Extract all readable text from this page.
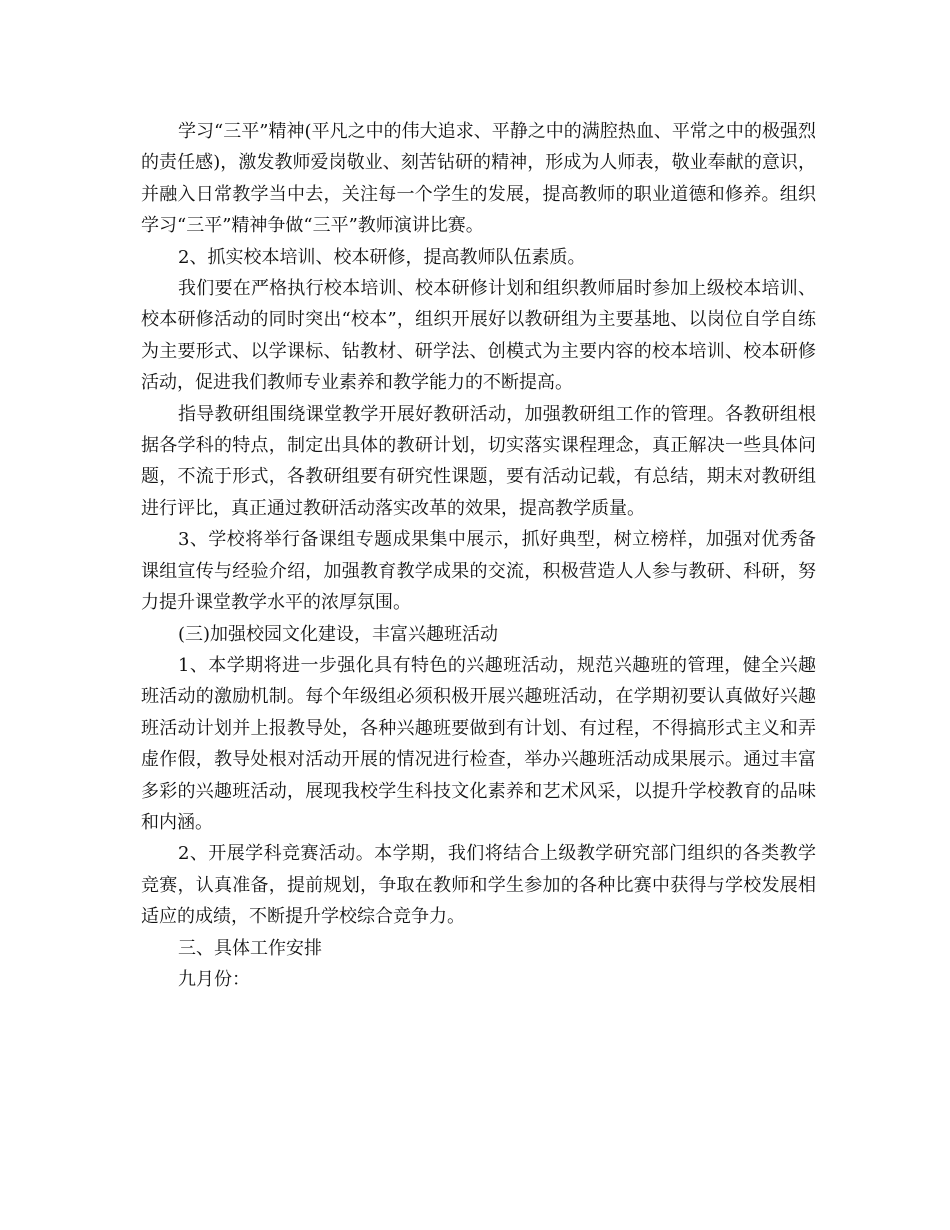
学习“三平”精神(平凡之中的伟大追求、平静之中的满腔热血、平常之中的极强烈的责任感)，激发教师爱岗敬业、刻苦钻研的精神，形成为人师表，敬业奉献的意识，并融入日常教学当中去，关注每一个学生的发展，提高教师的职业道德和修养。组织学习“三平”精神争做“三平”教师演讲比赛。

2、抓实校本培训、校本研修，提高教师队伍素质。

我们要在严格执行校本培训、校本研修计划和组织教师届时参加上级校本培训、校本研修活动的同时突出“校本”，组织开展好以教研组为主要基地、以岗位自学自练为主要形式、以学课标、钻教材、研学法、创模式为主要内容的校本培训、校本研修活动，促进我们教师专业素养和教学能力的不断提高。

指导教研组围绕课堂教学开展好教研活动，加强教研组工作的管理。各教研组根据各学科的特点，制定出具体的教研计划，切实落实课程理念，真正解决一些具体问题，不流于形式，各教研组要有研究性课题，要有活动记载，有总结，期末对教研组进行评比，真正通过教研活动落实改革的效果，提高教学质量。

3、学校将举行备课组专题成果集中展示，抓好典型，树立榜样，加强对优秀备课组宣传与经验介绍，加强教育教学成果的交流，积极营造人人参与教研、科研，努力提升课堂教学水平的浓厚氛围。

(三)加强校园文化建设，丰富兴趣班活动

1、本学期将进一步强化具有特色的兴趣班活动，规范兴趣班的管理，健全兴趣班活动的激励机制。每个年级组必须积极开展兴趣班活动，在学期初要认真做好兴趣班活动计划并上报教导处，各种兴趣班要做到有计划、有过程，不得搞形式主义和弄虚作假，教导处根对活动开展的情况进行检查，举办兴趣班活动成果展示。通过丰富多彩的兴趣班活动，展现我校学生科技文化素养和艺术风采，以提升学校教育的品味和内涵。

2、开展学科竞赛活动。本学期，我们将结合上级教学研究部门组织的各类教学竞赛，认真准备，提前规划，争取在教师和学生参加的各种比赛中获得与学校发展相适应的成绩，不断提升学校综合竞争力。

三、具体工作安排

九月份：
